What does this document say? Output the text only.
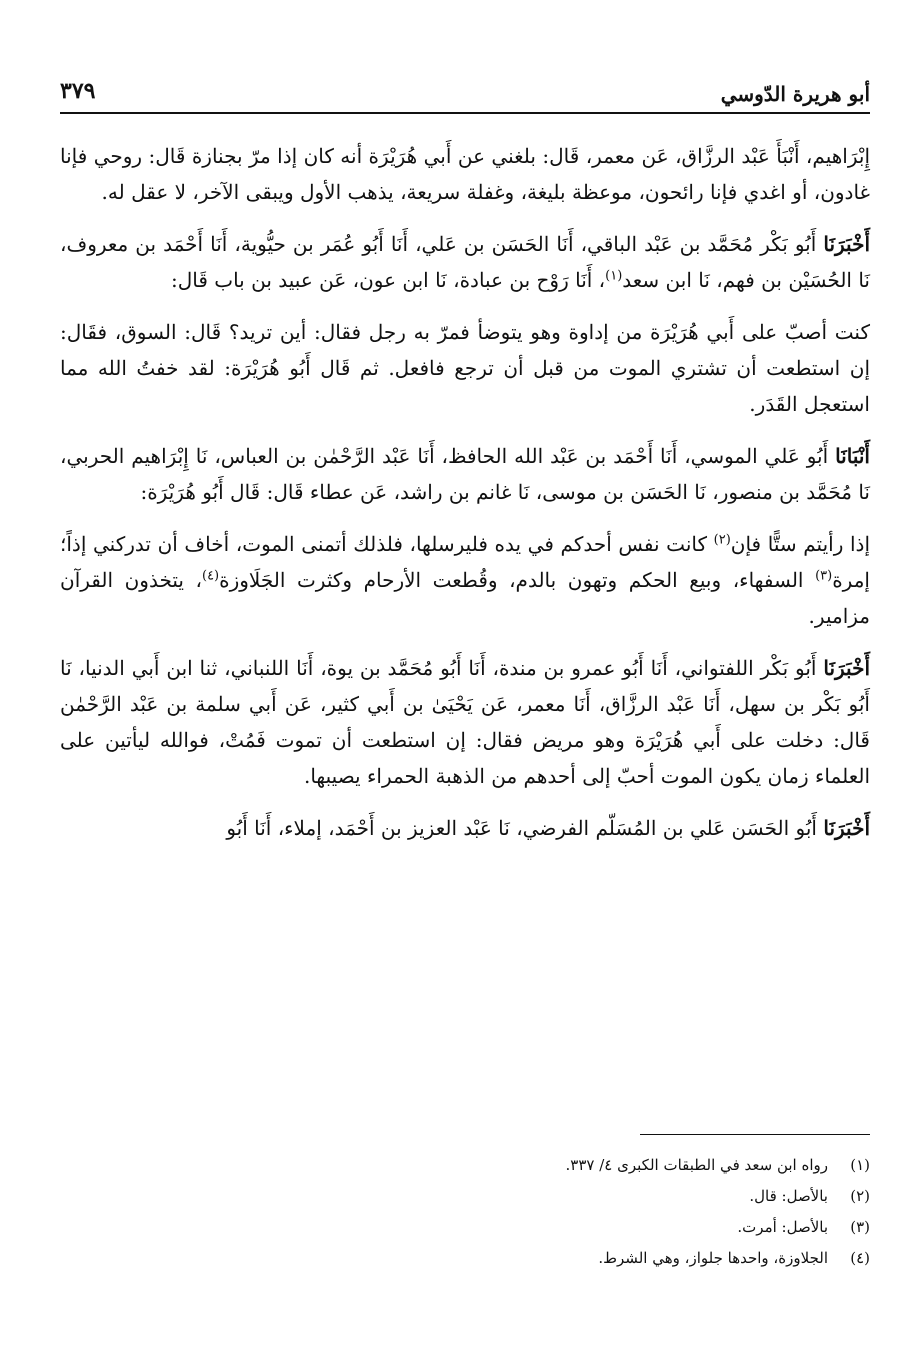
أبو هريرة الدّوسي
٣٧٩

إِبْرَاهيم، أَنْبَأَ عَبْد الرزَّاق، عَن معمر، قَال: بلغني عن أَبي هُرَيْرَة أنه كان إذا مرّ بجنازة قَال: روحي فإنا غادون، أو اغدي فإنا رائحون، موعظة بليغة، وغفلة سريعة، يذهب الأول ويبقى الآخر، لا عقل له.

أَخْبَرَنَا أَبُو بَكْر مُحَمَّد بن عَبْد الباقي، أَنَا الحَسَن بن عَلي، أَنَا أَبُو عُمَر بن حيُّوية، أَنَا أَحْمَد بن معروف، نَا الحُسَيْن بن فهم، نَا ابن سعد$^{(١)}$، أَنَا رَوْح بن عبادة، نَا ابن عون، عَن عبيد بن باب قَال:

كنت أصبّ على أَبي هُرَيْرَة من إداوة وهو يتوضأ فمرّ به رجل فقال: أين تريد؟ قَال: السوق، فقَال: إن استطعت أن تشتري الموت من قبل أن ترجع فافعل. ثم قَال أَبُو هُرَيْرَة: لقد خفتُ الله مما استعجل القَدَر.

أَنْبَانَا أَبُو عَلي الموسي، أَنَا أَحْمَد بن عَبْد الله الحافظ، أَنَا عَبْد الرَّحْمٰن بن العباس، نَا إِبْرَاهيم الحربي، نَا مُحَمَّد بن منصور، نَا الحَسَن بن موسى، نَا غانم بن راشد، عَن عطاء قَال: قَال أَبُو هُرَيْرَة:

إذا رأيتم ستًّا فإن$^{(٢)}$ كانت نفس أحدكم في يده فليرسلها، فلذلك أتمنى الموت، أخاف أن تدركني إذاً؛ إمرة$^{(٣)}$ السفهاء، وبيع الحكم وتهون بالدم، وقُطعت الأرحام وكثرت الجَلَاوزة$^{(٤)}$، يتخذون القرآن مزامير.

أَخْبَرَنَا أَبُو بَكْر اللفتواني، أَنَا أَبُو عمرو بن مندة، أَنَا أَبُو مُحَمَّد بن يوة، أَنَا اللنباني، ثنا ابن أَبي الدنيا، نَا أَبُو بَكْر بن سهل، أَنَا عَبْد الرزَّاق، أَنَا معمر، عَن يَحْيَىٰ بن أَبي كثير، عَن أَبي سلمة بن عَبْد الرَّحْمٰن قَال: دخلت على أَبي هُرَيْرَة وهو مريض فقال: إن استطعت أن تموت فَمُتْ، فوالله ليأتين على العلماء زمان يكون الموت أحبّ إلى أحدهم من الذهبة الحمراء يصيبها.

أَخْبَرَنَا أَبُو الحَسَن عَلي بن المُسَلّم الفرضي، نَا عَبْد العزيز بن أَحْمَد، إملاء، أَنَا أَبُو

(١)
رواه ابن سعد في الطبقات الكبرى ٤/ ٣٣٧.

(٢)
بالأصل: قال.

(٣)
بالأصل: أمرت.

(٤)
الجلاوزة، واحدها جلواز، وهي الشرط.
